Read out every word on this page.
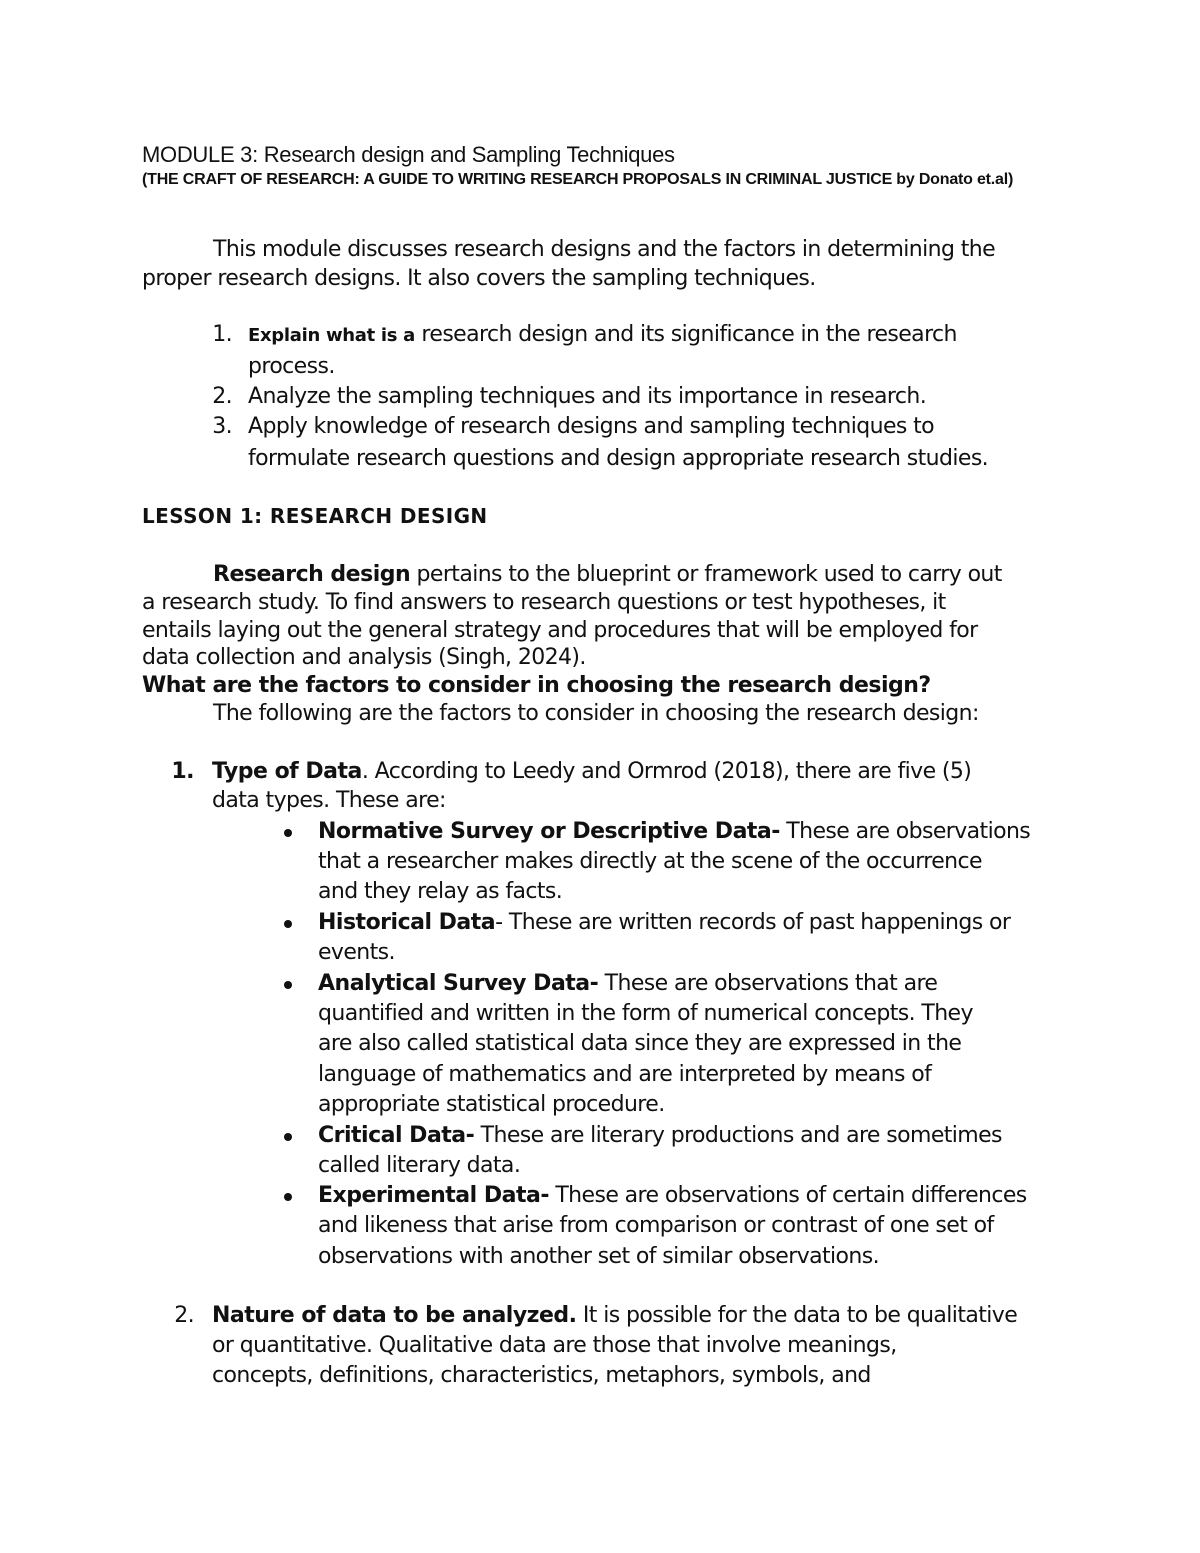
MODULE 3: Research design and Sampling Techniques
(THE CRAFT OF RESEARCH: A GUIDE TO WRITING RESEARCH PROPOSALS IN CRIMINAL JUSTICE by Donato et.al)
This module discusses research designs and the factors in determining the
proper research designs. It also covers the sampling techniques.
1. Explain what is a research design and its significance in the research
process.
2. Analyze the sampling techniques and its importance in research.
3. Apply knowledge of research designs and sampling techniques to
formulate research questions and design appropriate research studies.
LESSON 1: RESEARCH DESIGN
Research design pertains to the blueprint or framework used to carry out
a research study. To find answers to research questions or test hypotheses, it
entails laying out the general strategy and procedures that will be employed for
data collection and analysis (Singh, 2024).
What are the factors to consider in choosing the research design?
The following are the factors to consider in choosing the research design:
1. Type of Data. According to Leedy and Ormrod (2018), there are five (5)
data types. These are:
Normative Survey or Descriptive Data- These are observations
that a researcher makes directly at the scene of the occurrence
and they relay as facts.
Historical Data- These are written records of past happenings or
events.
Analytical Survey Data- These are observations that are
quantified and written in the form of numerical concepts. They
are also called statistical data since they are expressed in the
language of mathematics and are interpreted by means of
appropriate statistical procedure.
Critical Data- These are literary productions and are sometimes
called literary data.
Experimental Data- These are observations of certain differences
and likeness that arise from comparison or contrast of one set of
observations with another set of similar observations.
2. Nature of data to be analyzed. It is possible for the data to be qualitative
or quantitative. Qualitative data are those that involve meanings,
concepts, definitions, characteristics, metaphors, symbols, and
